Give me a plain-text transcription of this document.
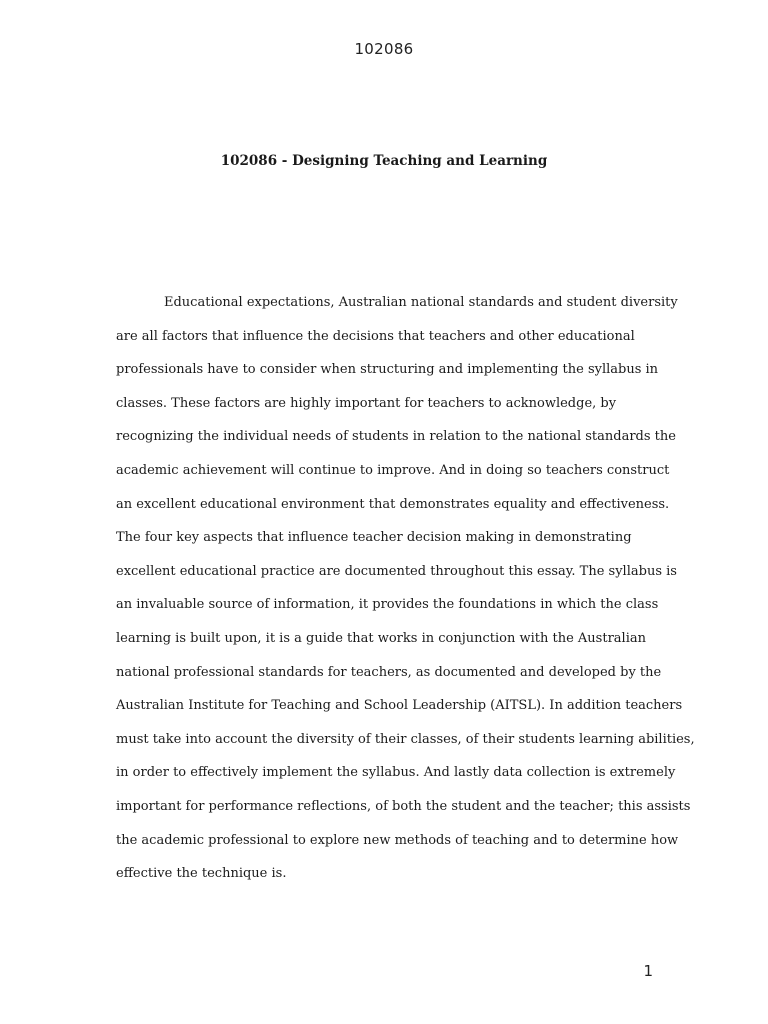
102086
102086 - Designing Teaching and Learning

Educational expectations, Australian national standards and student diversity
are all factors that influence the decisions that teachers and other educational
professionals have to consider when structuring and implementing the syllabus in
classes. These factors are highly important for teachers to acknowledge, by
recognizing the individual needs of students in relation to the national standards the
academic achievement will continue to improve. And in doing so teachers construct
an excellent educational environment that demonstrates equality and effectiveness.
The four key aspects that influence teacher decision making in demonstrating
excellent educational practice are documented throughout this essay. The syllabus is
an invaluable source of information, it provides the foundations in which the class
learning is built upon, it is a guide that works in conjunction with the Australian
national professional standards for teachers, as documented and developed by the
Australian Institute for Teaching and School Leadership (AITSL). In addition teachers
must take into account the diversity of their classes, of their students learning abilities,
in order to effectively implement the syllabus. And lastly data collection is extremely
important for performance reflections, of both the student and the teacher; this assists
the academic professional to explore new methods of teaching and to determine how
effective the technique is.

1
